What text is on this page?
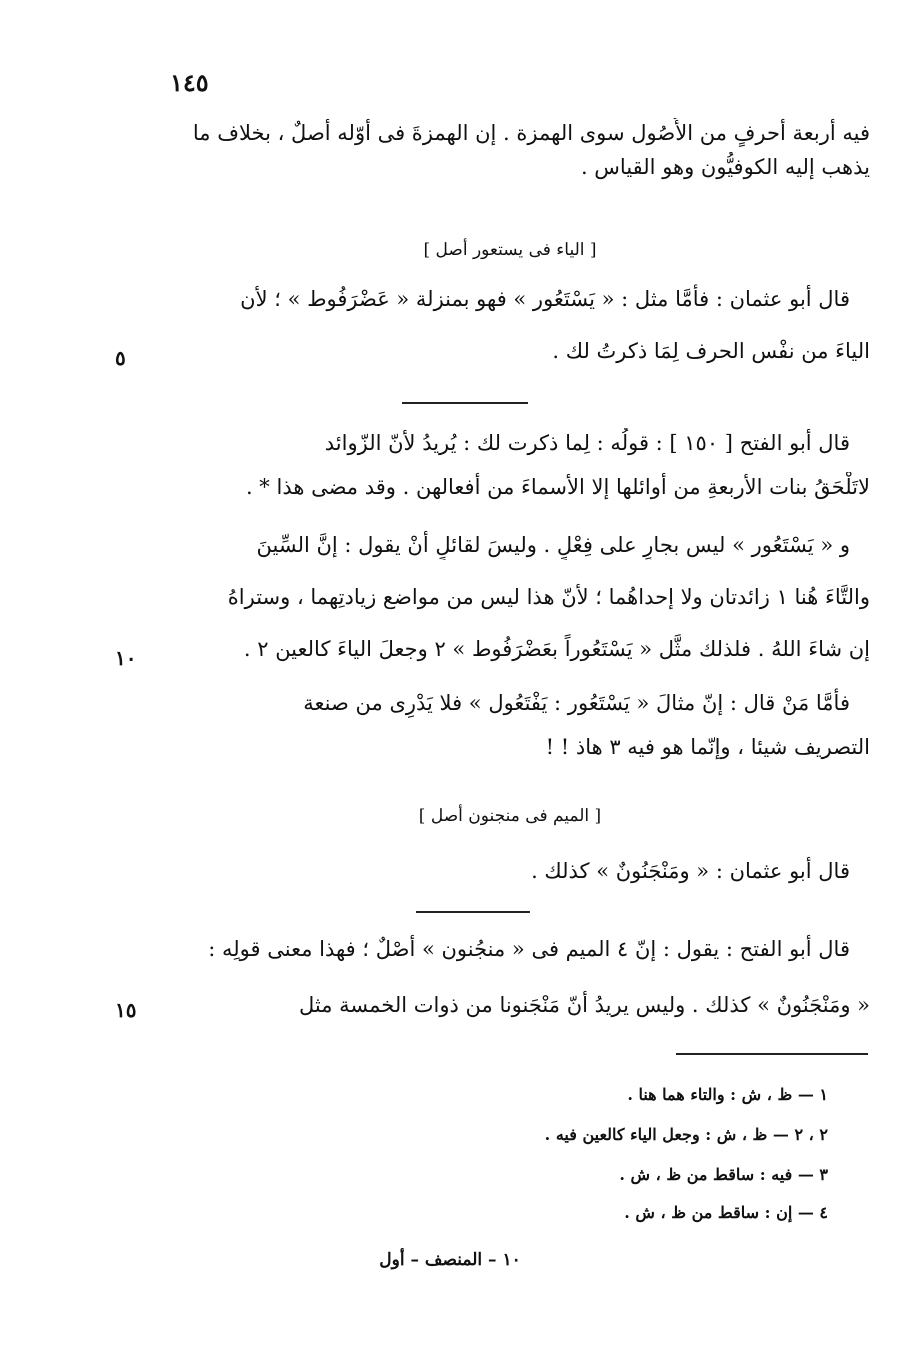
١٤٥
فيه أربعة أحرفٍ من الأُصُول سوى الهمزة . إن الهمزةَ فى أوّله أصلٌ ، بخلاف ما
يذهب إليه الكوفيُّون وهو القياس .
[ الياء فى يستعور أصل ]
قال أبو عثمان : فأمَّا مثل : « يَسْتَعُور » فهو بمنزلة « عَضْرَفُوط » ؛ لأن
الياءَ من نفْس الحرف لِمَا ذكرتُ لك .
٥
قال أبو الفتح [ ١٥٠ ] : قولُه : لِما ذكرت لك : يُريدُ لأنّ الزّوائد
لاتَلْحَقُ بنات الأربعةِ من أوائلها إلا الأسماءَ من أفعالهن . وقد مضى هذا * .
و « يَسْتَعُور » ليس بجارٍ على فِعْلٍ . وليسَ لقائلٍ أنْ يقول : إنَّ السِّينَ
والتَّاءَ هُنا ١ زائدتان ولا إحداهُما ؛ لأنّ هذا ليس من مواضع زيادتِهما ، وستراهُ
إن شاءَ اللهُ . فلذلك مثَّل « يَسْتَعُوراً بعَضْرَفُوط » ٢ وجعلَ الياءَ كالعين ٢ .
١٠
فأمَّا مَنْ قال : إنّ مثالَ « يَسْتَعُور : يَفْتَعُول » فلا يَدْرِى من صنعة
التصريف شيئا ، وإنّما هو فيه ٣ هاذ ! !
[ الميم فى منجنون أصل ]
قال أبو عثمان : « ومَنْجَنُونٌ » كذلك .
قال أبو الفتح : يقول : إنّ ٤ الميم فى « منجُنون » أصْلٌ ؛ فهذا معنى قولِه :
« ومَنْجَنُونٌ » كذلك . وليس يريدُ أنّ مَنْجَنونا من ذوات الخمسة مثل
١٥
١ — ظ ، ش : والتاء هما هنا .
٢ ، ٢ — ظ ، ش : وجعل الياء كالعين فيه .
٣ — فيه : ساقط من ظ ، ش .
٤ — إن : ساقط من ظ ، ش .
١٠ – المنصف – أول
